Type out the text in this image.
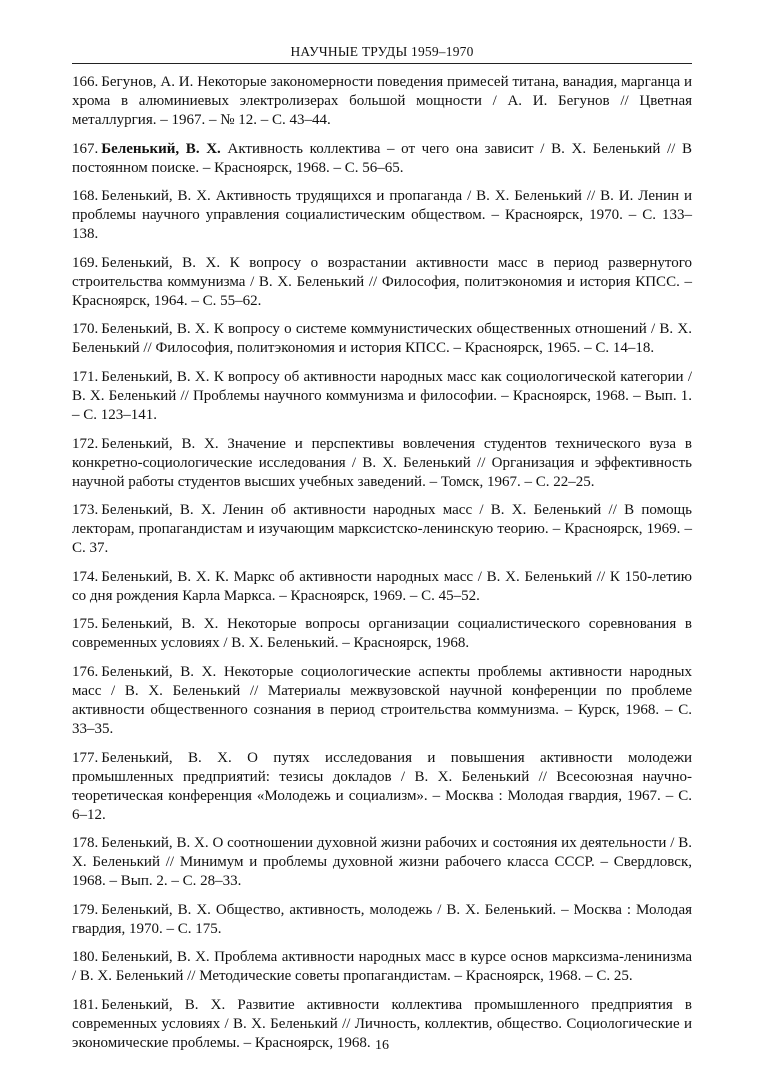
НАУЧНЫЕ ТРУДЫ 1959–1970
166. Бегунов, А. И. Некоторые закономерности поведения примесей титана, ванадия, марганца и хрома в алюминиевых электролизерах большой мощности / А. И. Бегунов // Цветная металлургия. – 1967. – № 12. – С. 43–44.
167. Беленький, В. Х. Активность коллектива – от чего она зависит / В. Х. Беленький // В постоянном поиске. – Красноярск, 1968. – С. 56–65.
168. Беленький, В. Х. Активность трудящихся и пропаганда / В. Х. Беленький // В. И. Ленин и проблемы научного управления социалистическим обществом. – Красноярск, 1970. – С. 133–138.
169. Беленький, В. Х. К вопросу о возрастании активности масс в период развернутого строительства коммунизма / В. Х. Беленький // Философия, политэкономия и история КПСС. – Красноярск, 1964. – С. 55–62.
170. Беленький, В. Х. К вопросу о системе коммунистических общественных отношений / В. Х. Беленький // Философия, политэкономия и история КПСС. – Красноярск, 1965. – С. 14–18.
171. Беленький, В. Х. К вопросу об активности народных масс как социологической категории / В. Х. Беленький // Проблемы научного коммунизма и философии. – Красноярск, 1968. – Вып. 1. – С. 123–141.
172. Беленький, В. Х. Значение и перспективы вовлечения студентов технического вуза в конкретно-социологические исследования / В. Х. Беленький // Организация и эффективность научной работы студентов высших учебных заведений. – Томск, 1967. – С. 22–25.
173. Беленький, В. Х. Ленин об активности народных масс / В. Х. Беленький // В помощь лекторам, пропагандистам и изучающим марксистско-ленинскую теорию. – Красноярск, 1969. – С. 37.
174. Беленький, В. Х. К. Маркс об активности народных масс / В. Х. Беленький // К 150-летию со дня рождения Карла Маркса. – Красноярск, 1969. – С. 45–52.
175. Беленький, В. Х. Некоторые вопросы организации социалистического соревнования в современных условиях / В. Х. Беленький. – Красноярск, 1968.
176. Беленький, В. Х. Некоторые социологические аспекты проблемы активности народных масс / В. Х. Беленький // Материалы межвузовской научной конференции по проблеме активности общественного сознания в период строительства коммунизма. – Курск, 1968. – С. 33–35.
177. Беленький, В. Х. О путях исследования и повышения активности молодежи промышленных предприятий: тезисы докладов / В. Х. Беленький // Всесоюзная научно-теоретическая конференция «Молодежь и социализм». – Москва : Молодая гвардия, 1967. – С. 6–12.
178. Беленький, В. Х. О соотношении духовной жизни рабочих и состояния их деятельности / В. Х. Беленький // Минимум и проблемы духовной жизни рабочего класса СССР. – Свердловск, 1968. – Вып. 2. – С. 28–33.
179. Беленький, В. Х. Общество, активность, молодежь / В. Х. Беленький. – Москва : Молодая гвардия, 1970. – С. 175.
180. Беленький, В. Х. Проблема активности народных масс в курсе основ марксизма-ленинизма / В. Х. Беленький // Методические советы пропагандистам. – Красноярск, 1968. – С. 25.
181. Беленький, В. Х. Развитие активности коллектива промышленного предприятия в современных условиях / В. Х. Беленький // Личность, коллектив, общество. Социологические и экономические проблемы. – Красноярск, 1968. 16
